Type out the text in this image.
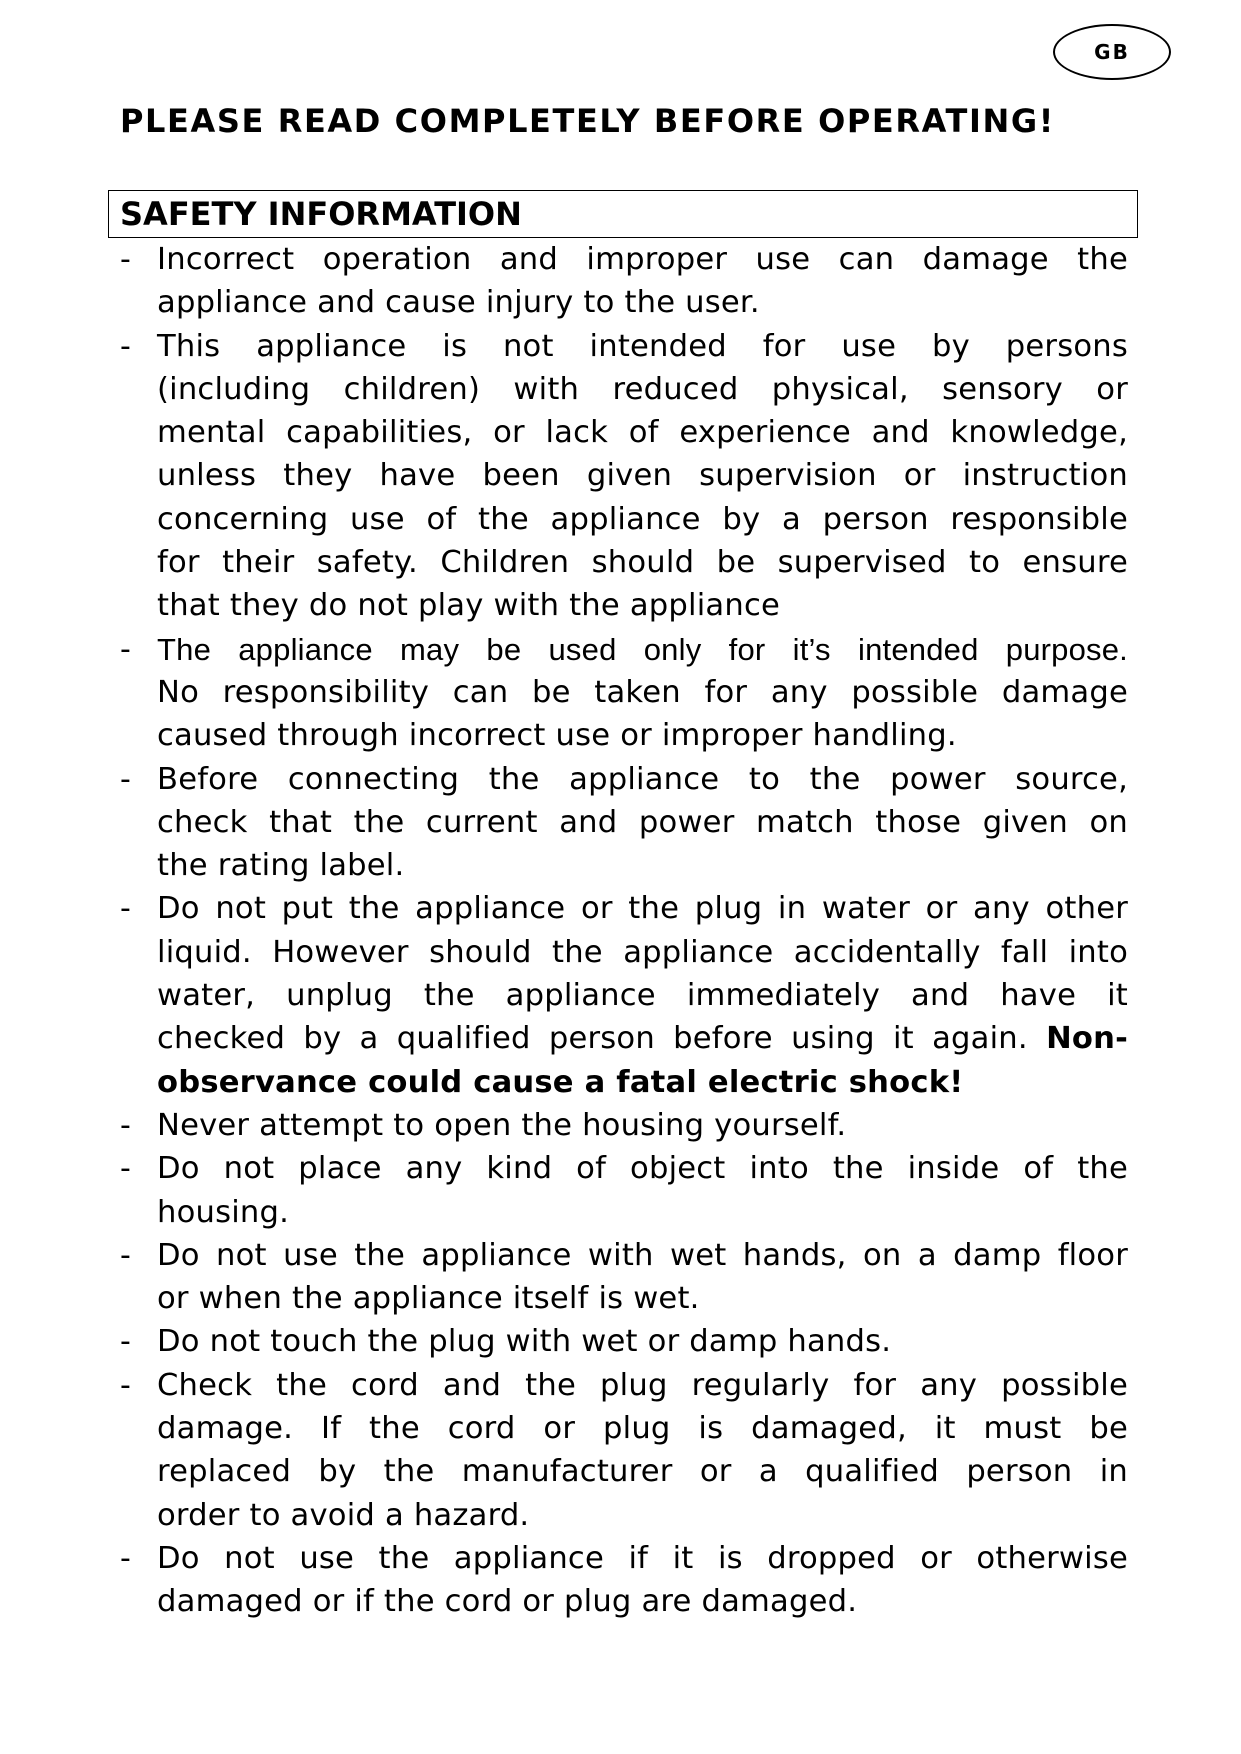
GB
PLEASE READ COMPLETELY BEFORE OPERATING!
SAFETY INFORMATION
- Incorrect operation and improper use can damage the
appliance and cause injury to the user.
- This appliance is not intended for use by persons
(including children) with reduced physical, sensory or
mental capabilities, or lack of experience and knowledge,
unless they have been given supervision or instruction
concerning use of the appliance by a person responsible
for their safety. Children should be supervised to ensure
that they do not play with the appliance
- The appliance may be used only for it’s intended purpose.
No responsibility can be taken for any possible damage
caused through incorrect use or improper handling.
- Before connecting the appliance to the power source,
check that the current and power match those given on
the rating label.
- Do not put the appliance or the plug in water or any other
liquid. However should the appliance accidentally fall into
water, unplug the appliance immediately and have it
checked by a qualified person before using it again. Non-
observance could cause a fatal electric shock!
- Never attempt to open the housing yourself.
- Do not place any kind of object into the inside of the
housing.
- Do not use the appliance with wet hands, on a damp floor
or when the appliance itself is wet.
- Do not touch the plug with wet or damp hands.
- Check the cord and the plug regularly for any possible
damage. If the cord or plug is damaged, it must be
replaced by the manufacturer or a qualified person in
order to avoid a hazard.
- Do not use the appliance if it is dropped or otherwise
damaged or if the cord or plug are damaged.
